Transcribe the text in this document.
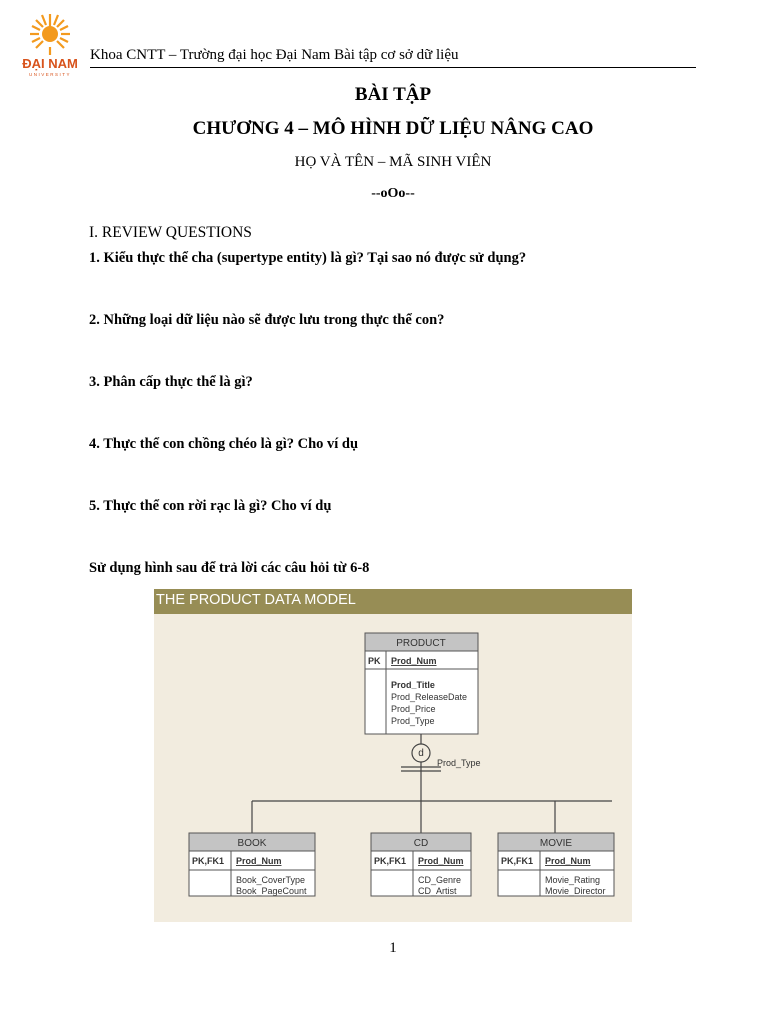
ĐẠI NAM
UNIVERSITY
Khoa CNTT – Trường đại học Đại Nam Bài tập cơ sở dữ liệu
BÀI TẬP
CHƯƠNG 4 – MÔ HÌNH DỮ LIỆU NÂNG CAO
HỌ VÀ TÊN – MÃ SINH VIÊN
--oOo--
I. REVIEW QUESTIONS
1. Kiểu thực thể cha (supertype entity) là gì? Tại sao nó được sử dụng?
2. Những loại dữ liệu nào sẽ được lưu trong thực thể con?
3. Phân cấp thực thể là gì?
4. Thực thể con chồng chéo là gì? Cho ví dụ
5. Thực thể con rời rạc là gì? Cho ví dụ
Sử dụng hình sau để trả lời các câu hỏi từ 6-8
THE PRODUCT DATA MODEL
PRODUCT
PK Prod_Num
Prod_Title
Prod_ReleaseDate
Prod_Price
Prod_Type
d
Prod_Type
BOOK
PK,FK1 Prod_Num
Book_CoverType
Book_PageCount
CD
PK,FK1 Prod_Num
CD_Genre
CD_Artist
MOVIE
PK,FK1 Prod_Num
Movie_Rating
Movie_Director
1
